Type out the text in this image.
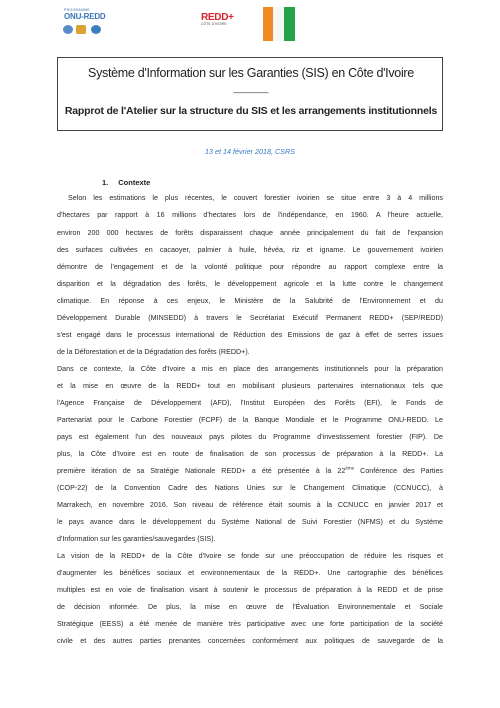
PROGRAMME
ONU-REDD	REDD+
CÔTE D'IVOIRE
Système d'Information sur les Garanties (SIS) en Côte d'Ivoire
_______
Rapprot de l'Atelier sur la structure du SIS et les arrangements institutionnels
13 et 14 février 2018, CSRS
1. Contexte
Selon les estimations le plus récentes, le couvert forestier ivoirien se situe entre 3 à 4 millions
d'hectares par rapport à 16 millions d'hectares lors de l'indépendance, en 1960. A l'heure actuelle,
environ 200 000 hectares de forêts disparaissent chaque année principalement du fait de l'expansion
des surfaces cultivées en cacaoyer, palmier à huile, hévéa, riz et igname. Le gouvernement ivoirien
démontre de l'engagement et de la volonté politique pour répondre au rapport complexe entre la
disparition et la dégradation des forêts, le développement agricole et la lutte contre le changement
climatique. En réponse à ces enjeux, le Ministère de la Salubrité de l'Environnement et du
Développement Durable (MINSEDD) à travers le Secrétariat Exécutif Permanent REDD+ (SEP/REDD)
s'est engagé dans le processus international de Réduction des Emissions de gaz à effet de serres issues
de la Déforestation et de la Dégradation des forêts (REDD+).
Dans ce contexte, la Côte d'Ivoire a mis en place des arrangements institutionnels pour la préparation
et la mise en œuvre de la REDD+ tout en mobilisant plusieurs partenaires internationaux tels que
l'Agence Française de Développement (AFD), l'Institut Européen des Forêts (EFI), le Fonds de
Partenariat pour le Carbone Forestier (FCPF) de la Banque Mondiale et le Programme ONU-REDD. Le
pays est également l'un des nouveaux pays pilotes du Programme d'investissement forestier (FIP). De
plus, la Côte d'Ivoire est en route de finalisation de son processus de préparation à la REDD+. La
première itération de sa Stratégie Nationale REDD+ a été présentée à la 22ème Conférence des Parties
(COP-22) de la Convention Cadre des Nations Unies sur le Changement Climatique (CCNUCC), à
Marrakech, en novembre 2016. Son niveau de référence était soumis à la CCNUCC en janvier 2017 et
le pays avance dans le développement du Système National de Suivi Forestier (NFMS) et du Système
d'Information sur les garanties/sauvegardes (SIS).
La vision de la REDD+ de la Côte d'Ivoire se fonde sur une préoccupation de réduire les risques et
d'augmenter les bénéfices sociaux et environnementaux de la REDD+. Une cartographie des bénéfices
multiples est en voie de finalisation visant à soutenir le processus de préparation à la REDD et de prise
de décision informée. De plus, la mise en œuvre de l'Évaluation Environnementale et Sociale
Stratégique (EESS) a été menée de manière très participative avec une forte participation de la société
civile et des autres parties prenantes concernées conformément aux politiques de sauvegarde de la
